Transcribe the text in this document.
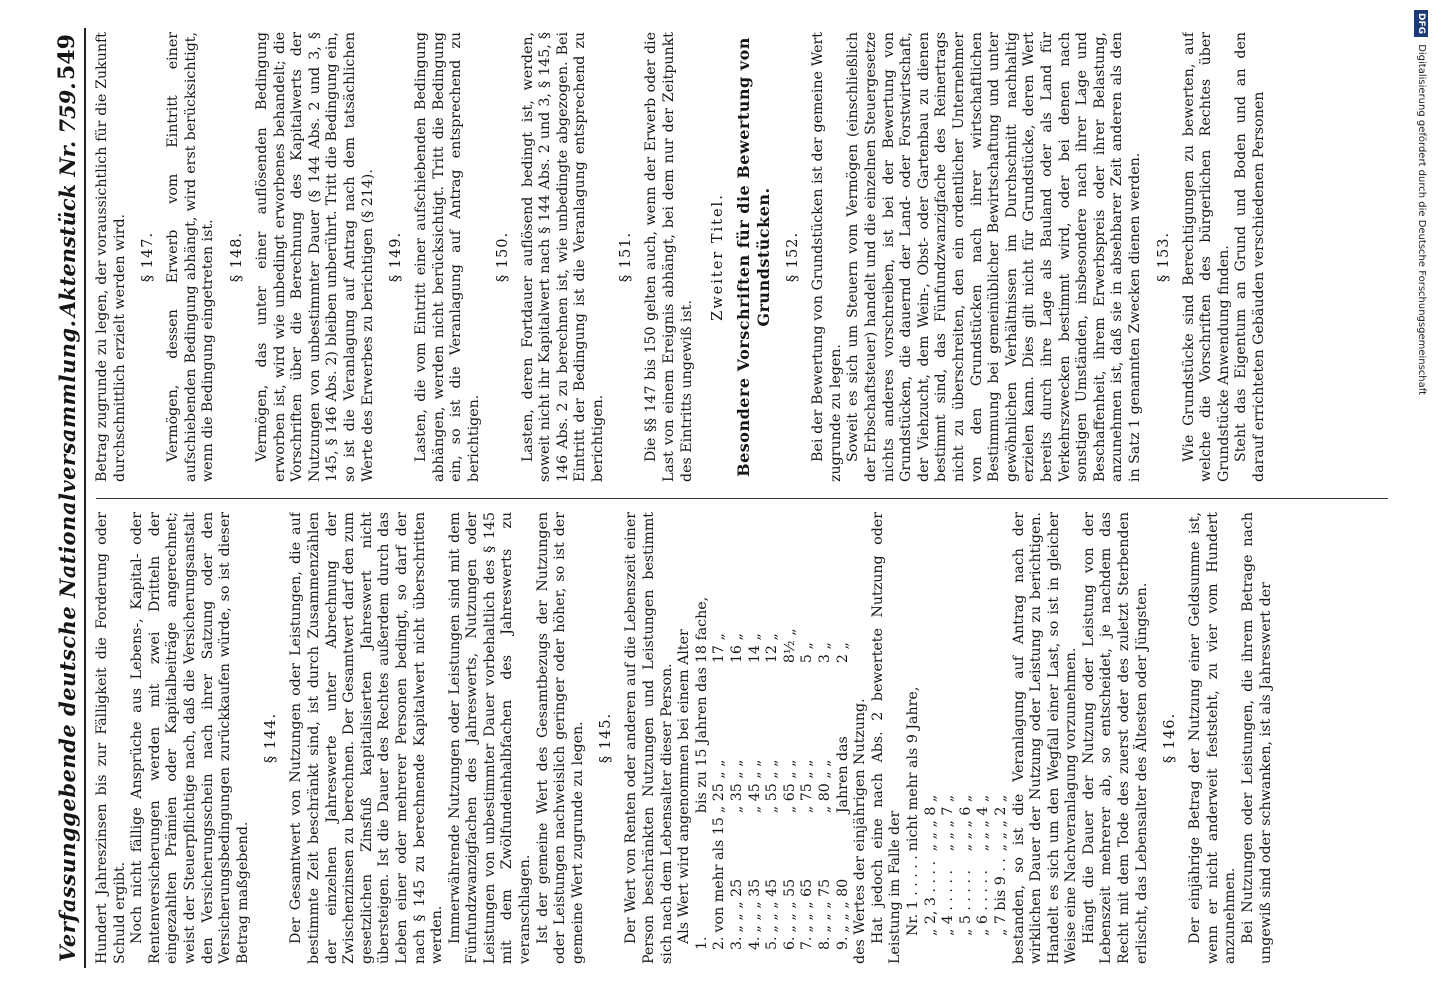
Verfassunggebende deutsche Nationalversammlung.
Aktenstück Nr. 759.
549

Hundert Jahreszinsen bis zur Fälligkeit die Forderung oder Schuld ergibt. Noch nicht fällige Ansprüche aus Lebens-, Kapital- oder Rentenversicherungen werden mit zwei Dritteln der eingezahlten Prämien oder Kapitalbeiträge angerechnet; weist der Steuerpflichtige nach, daß die Versicherungsanstalt den Versicherungsschein nach ihrer Satzung oder den Versicherungsbedingungen zurückkaufen würde, so ist dieser Betrag maßgebend.

§ 144. Der Gesamtwert von Nutzungen oder Leistungen, die auf bestimmte Zeit beschränkt sind, ist durch Zusammenzählen der einzelnen Jahreswerte unter Abrechnung der Zwischenzinsen zu berechnen. Der Gesamtwert darf den zum gesetzlichen Zinsfuß kapitalisierten Jahreswert nicht übersteigen. Ist die Dauer des Rechtes außerdem durch das Leben einer oder mehrerer Personen bedingt, so darf der nach § 145 zu berechnende Kapitalwert nicht überschritten werden. Immerwährende Nutzungen oder Leistungen sind mit dem Fünfundzwanzigfachen des Jahreswerts, Nutzungen oder Leistungen von unbestimmter Dauer vorbehaltlich des § 145 mit dem Zwölfundeinhalbfachen des Jahreswerts zu veranschlagen. Ist der gemeine Wert des Gesamtbezugs der Nutzungen oder Leistungen nachweislich geringer oder höher, so ist der gemeine Wert zugrunde zu legen. § 145. Der Wert von Renten oder anderen auf die Lebenszeit einer Person beschränkten Nutzungen und Leistungen bestimmt sich nach dem Lebensalter dieser Person. Als Wert wird angenommen bei einem Alter 1.		bis zu 15 Jahren das	18 fache,
2.	von mehr als 15	„ 25 „ „	17 „
3.	„ „ „ 25	„ 35 „ „	16 „
4.	„ „ „ 35	„ 45 „ „	14 „
5.	„ „ „ 45	„ 55 „ „	12 „
6.	„ „ „ 55	„ 65 „ „	8½ „
7.	„ „ „ 65	„ 75 „ „	5 „
8.	„ „ „ 75	„ 80 „ „	3 „
9.	„ „ „ 80	Jahren das	2 „

des Wertes der einjährigen Nutzung. Hat jedoch eine nach Abs. 2 bewertete Nutzung oder Leistung im Falle der Nr. 1 . . . . .	nicht mehr als 9 Jahre,
„ 2, 3 . . . .	„ „ „ 8 „
„ 4 . . . . .	„ „ „ 7 „
„ 5 . . . . .	„ „ „ 6 „
„ 6 . . . . .	„ „ „ 4 „
„ 7 bis 9 . .	„ „ „ 2 „ bestanden, so ist die Veranlagung auf Antrag nach der wirklichen Dauer der Nutzung oder Leistung zu berichtigen. Handelt es sich um den Wegfall einer Last, so ist in gleicher Weise eine Nachveranlagung vorzunehmen. Hängt die Dauer der Nutzung oder Leistung von der Lebenszeit mehrerer ab, so entscheidet, je nachdem das Recht mit dem Tode des zuerst oder des zuletzt Sterbenden erlischt, das Lebensalter des Ältesten oder Jüngsten. § 146. Der einjährige Betrag der Nutzung einer Geldsumme ist, wenn er nicht anderweit feststeht, zu vier vom Hundert anzunehmen. Bei Nutzungen oder Leistungen, die ihrem Betrage nach ungewiß sind oder schwanken, ist als Jahreswert der

Betrag zugrunde zu legen, der voraussichtlich für die Zukunft durchschnittlich erzielt werden wird. § 147. Vermögen, dessen Erwerb vom Eintritt einer aufschiebenden Bedingung abhängt, wird erst berücksichtigt, wenn die Bedingung eingetreten ist. § 148. Vermögen, das unter einer auflösenden Bedingung erworben ist, wird wie unbedingt erworbenes behandelt; die Vorschriften über die Berechnung des Kapitalwerts der Nutzungen von unbestimmter Dauer (§ 144 Abs. 2 und 3, § 145, § 146 Abs. 2) bleiben unberührt. Tritt die Bedingung ein, so ist die Veranlagung auf Antrag nach dem tatsächlichen Werte des Erwerbes zu berichtigen (§ 214). § 149. Lasten, die vom Eintritt einer aufschiebenden Bedingung abhängen, werden nicht berücksichtigt. Tritt die Bedingung ein, so ist die Veranlagung auf Antrag entsprechend zu berichtigen.

§ 150. Lasten, deren Fortdauer auflösend bedingt ist, werden, soweit nicht ihr Kapitalwert nach § 144 Abs. 2 und 3, § 145, § 146 Abs. 2 zu berechnen ist, wie unbedingte abgezogen. Bei Eintritt der Bedingung ist die Veranlagung entsprechend zu berichtigen.

§ 151. Die §§ 147 bis 150 gelten auch, wenn der Erwerb oder die Last von einem Ereignis abhängt, bei dem nur der Zeitpunkt des Eintritts ungewiß ist.

Zweiter Titel. Besondere Vorschriften für die Bewertung von Grundstücken. § 152. Bei der Bewertung von Grundstücken ist der gemeine Wert zugrunde zu legen. Soweit es sich um Steuern vom Vermögen (einschließlich der Erbschaftsteuer) handelt und die einzelnen Steuergesetze nichts anderes vorschreiben, ist bei der Bewertung von Grundstücken, die dauernd der Land- oder Forstwirtschaft, der Viehzucht, dem Wein-, Obst- oder Gartenbau zu dienen bestimmt sind, das Fünfundzwanzigfache des Reinertrags nicht zu überschreiten, den ein ordentlicher Unternehmer von den Grundstücken nach ihrer wirtschaftlichen Bestimmung bei gemeinüblicher Bewirtschaftung und unter gewöhnlichen Verhältnissen im Durchschnitt nachhaltig erzielen kann. Dies gilt nicht für Grundstücke, deren Wert bereits durch ihre Lage als Bauland oder als Land für Verkehrszwecken bestimmt wird, oder bei denen nach sonstigen Umständen, insbesondere nach ihrer Lage und Beschaffenheit, ihrem Erwerbspreis oder ihrer Belastung, anzunehmen ist, daß sie in absehbarer Zeit anderen als den in Satz 1 genannten Zwecken dienen werden. § 153. Wie Grundstücke sind Berechtigungen zu bewerten, auf welche die Vorschriften des bürgerlichen Rechtes über Grundstücke Anwendung finden. Steht das Eigentum an Grund und Boden und an den darauf errichteten Gebäuden verschiedenen Personen

DFG Digitalisierung gefördert durch die Deutsche Forschungsgemeinschaft
